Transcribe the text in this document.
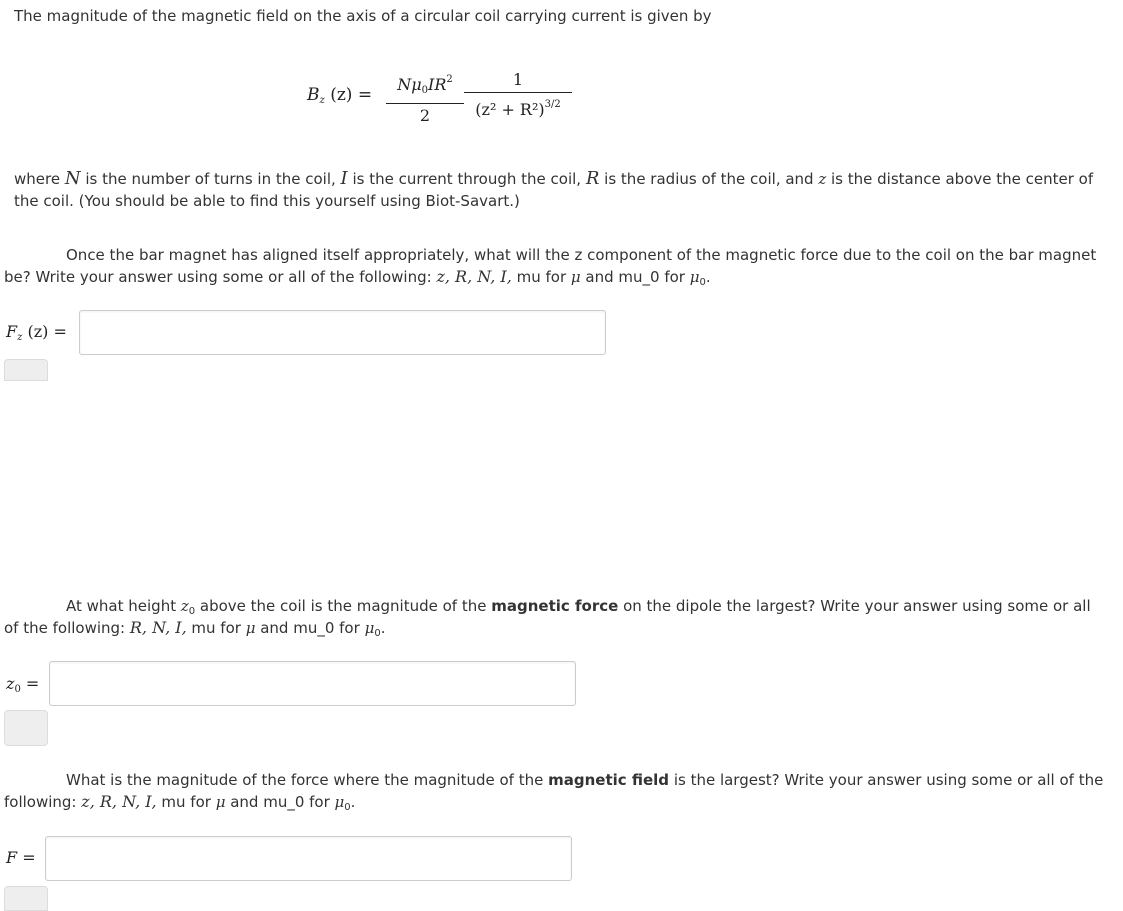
The magnitude of the magnetic field on the axis of a circular coil carrying current is given by
$B_z$ (z) =
$N\mu_0IR^2$
2
1
$(z^2 + R^2)^{3/2}$
where N is the number of turns in the coil, I is the current through the coil, R is the radius of the coil, and z is the distance above the center of
the coil. (You should be able to find this yourself using Biot-Savart.)
Once the bar magnet has aligned itself appropriately, what will the z component of the magnetic force due to the coil on the bar magnet
be? Write your answer using some or all of the following: z, R, N, I, mu for μ and mu_0 for $\mu_0$.
$F_z$ (z) =
At what height $z_0$ above the coil is the magnitude of the magnetic force on the dipole the largest? Write your answer using some or all
of the following: R, N, I, mu for μ and mu_0 for $\mu_0$.
$z_0$ =
What is the magnitude of the force where the magnitude of the magnetic field is the largest? Write your answer using some or all of the
following: z, R, N, I, mu for μ and mu_0 for $\mu_0$.
F =
